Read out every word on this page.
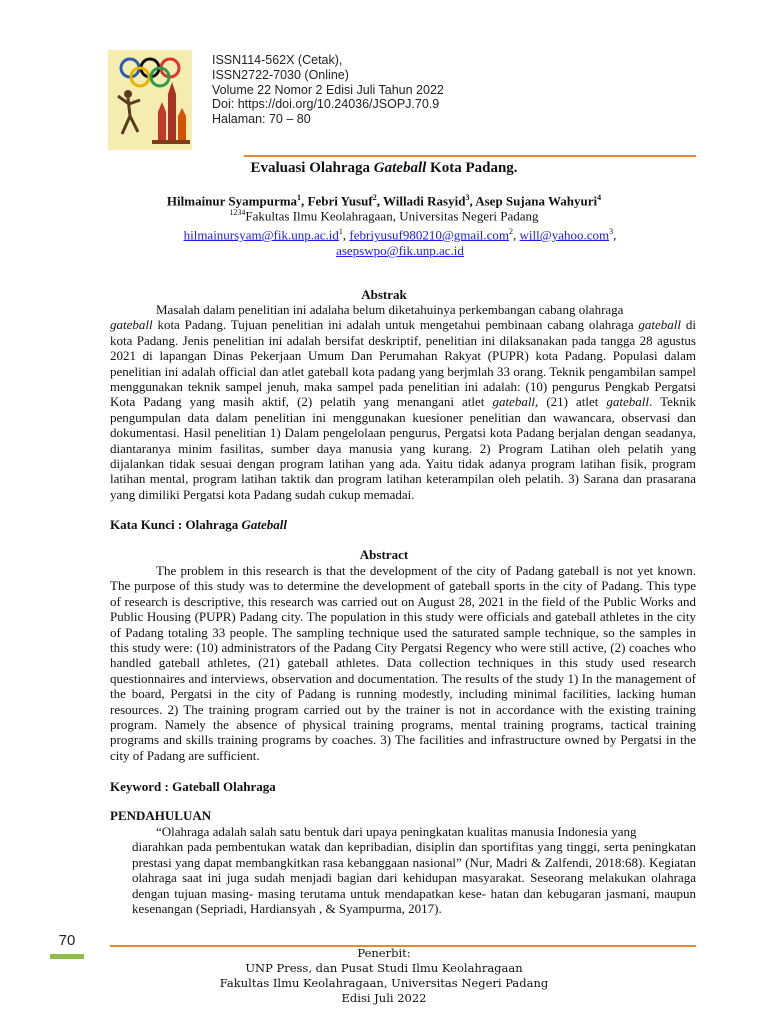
ISSN114-562X (Cetak),
ISSN2722-7030 (Online)
Volume 22 Nomor 2 Edisi Juli Tahun 2022
Doi: https://doi.org/10.24036/JSOPJ.70.9
Halaman: 70 – 80
Evaluasi Olahraga Gateball Kota Padang.
Hilmainur Syampurma$^1$, Febri Yusuf$^2$, Willadi Rasyid$^3$, Asep Sujana Wahyuri$^4$
$^{1234}$Fakultas Ilmu Keolahragaan, Universitas Negeri Padang
$hilmainursyam@fik.unp.ac.id^1$, febriyusuf980210@gmail.com$^2$, will@yahoo.com$^3$,
asepswpo@fik.unp.ac.id
Abstrak

Masalah dalam penelitian ini adalaha belum diketahuinya perkembangan cabang olahraga
gateball kota Padang. Tujuan penelitian ini adalah untuk mengetahui pembinaan cabang olahraga gateball di kota Padang. Jenis penelitian ini adalah bersifat deskriptif, penelitian ini dilaksanakan pada tangga 28 agustus 2021 di lapangan Dinas Pekerjaan Umum Dan Perumahan Rakyat (PUPR) kota Padang. Populasi dalam penelitian ini adalah official dan atlet gateball kota padang yang berjmlah 33 orang. Teknik pengambilan sampel menggunakan teknik sampel jenuh, maka sampel pada penelitian ini adalah: (10) pengurus Pengkab Pergatsi Kota Padang yang masih aktif, (2) pelatih yang menangani atlet gateball, (21) atlet gateball. Teknik pengumpulan data dalam penelitian ini menggunakan kuesioner penelitian dan wawancara, observasi dan dokumentasi. Hasil penelitian 1) Dalam pengelolaan pengurus, Pergatsi kota Padang berjalan dengan seadanya, diantaranya minim fasilitas, sumber daya manusia yang kurang. 2) Program Latihan oleh pelatih yang dijalankan tidak sesuai dengan program latihan yang ada. Yaitu tidak adanya program latihan fisik, program latihan mental, program latihan taktik dan program latihan keterampilan oleh pelatih. 3) Sarana dan prasarana yang dimiliki Pergatsi kota Padang sudah cukup memadai.

Kata Kunci : Olahraga Gateball
Abstract

The problem in this research is that the development of the city of Padang gateball is not yet known. The purpose of this study was to determine the development of gateball sports in the city of Padang. This type of research is descriptive, this research was carried out on August 28, 2021 in the field of the Public Works and Public Housing (PUPR) Padang city. The population in this study were officials and gateball athletes in the city of Padang totaling 33 people. The sampling technique used the saturated sample technique, so the samples in this study were: (10) administrators of the Padang City Pergatsi Regency who were still active, (2) coaches who handled gateball athletes, (21) gateball athletes. Data collection techniques in this study used research questionnaires and interviews, observation and documentation. The results of the study 1) In the management of the board, Pergatsi in the city of Padang is running modestly, including minimal facilities, lacking human resources. 2) The training program carried out by the trainer is not in accordance with the existing training program. Namely the absence of physical training programs, mental training programs, tactical training programs and skills training programs by coaches. 3) The facilities and infrastructure owned by Pergatsi in the city of Padang are sufficient.

Keyword : Gateball Olahraga
PENDAHULUAN

“Olahraga adalah salah satu bentuk dari upaya peningkatan kualitas manusia Indonesia yang

diarahkan pada pembentukan watak dan kepribadian, disiplin dan sportifitas yang tinggi, serta peningkatan prestasi yang dapat membangkitkan rasa kebanggaan nasional” (Nur, Madri & Zalfendi, 2018:68). Kegiatan olahraga saat ini juga sudah menjadi bagian dari kehidupan masyarakat. Seseorang melakukan olahraga dengan tujuan masing- masing terutama untuk mendapatkan kese- hatan dan kebugaran jasmani, maupun kesenangan (Sepriadi, Hardiansyah , & Syampurma, 2017).

70
Penerbit:
UNP Press, dan Pusat Studi Ilmu Keolahragaan
Fakultas Ilmu Keolahragaan, Universitas Negeri Padang
Edisi Juli 2022
